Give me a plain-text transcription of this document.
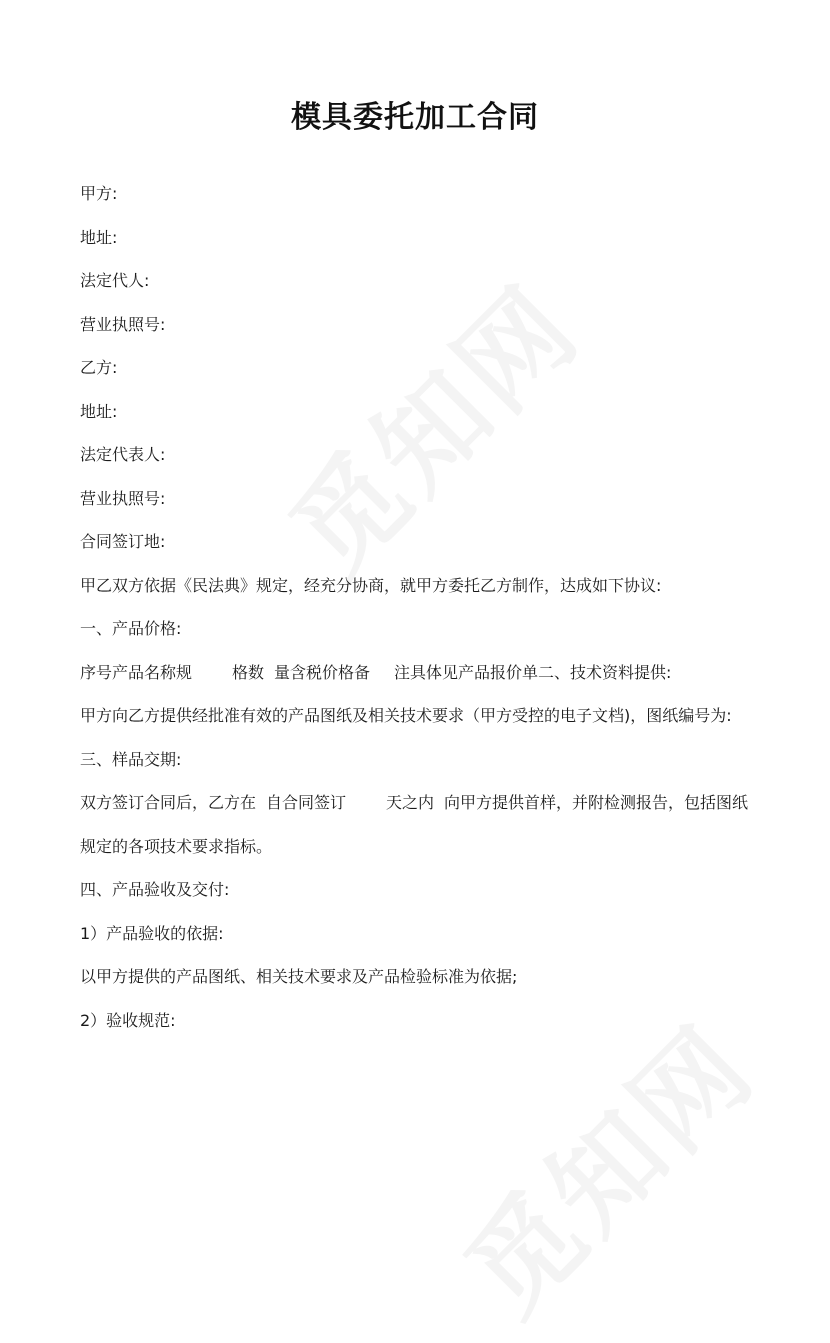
模具委托加工合同

甲方:

地址:

法定代人:

营业执照号:

乙方:

地址:

法定代表人:

营业执照号:

合同签订地:

甲乙双方依据《民法典》规定，经充分协商，就甲方委托乙方制作，达成如下协议:

一、产品价格:

序号产品名称规	格数 量含税价格备 注具体见产品报价单二、技术资料提供:

甲方向乙方提供经批准有效的产品图纸及相关技术要求（甲方受控的电子文档)，图纸编号为:

三、样品交期:

双方签订合同后，乙方在 自合同签订	天之内 向甲方提供首样，并附检测报告，包括图纸规定的各项技术要求指标。

四、产品验收及交付:

1）产品验收的依据:

以甲方提供的产品图纸、相关技术要求及产品检验标准为依据;

2）验收规范:
